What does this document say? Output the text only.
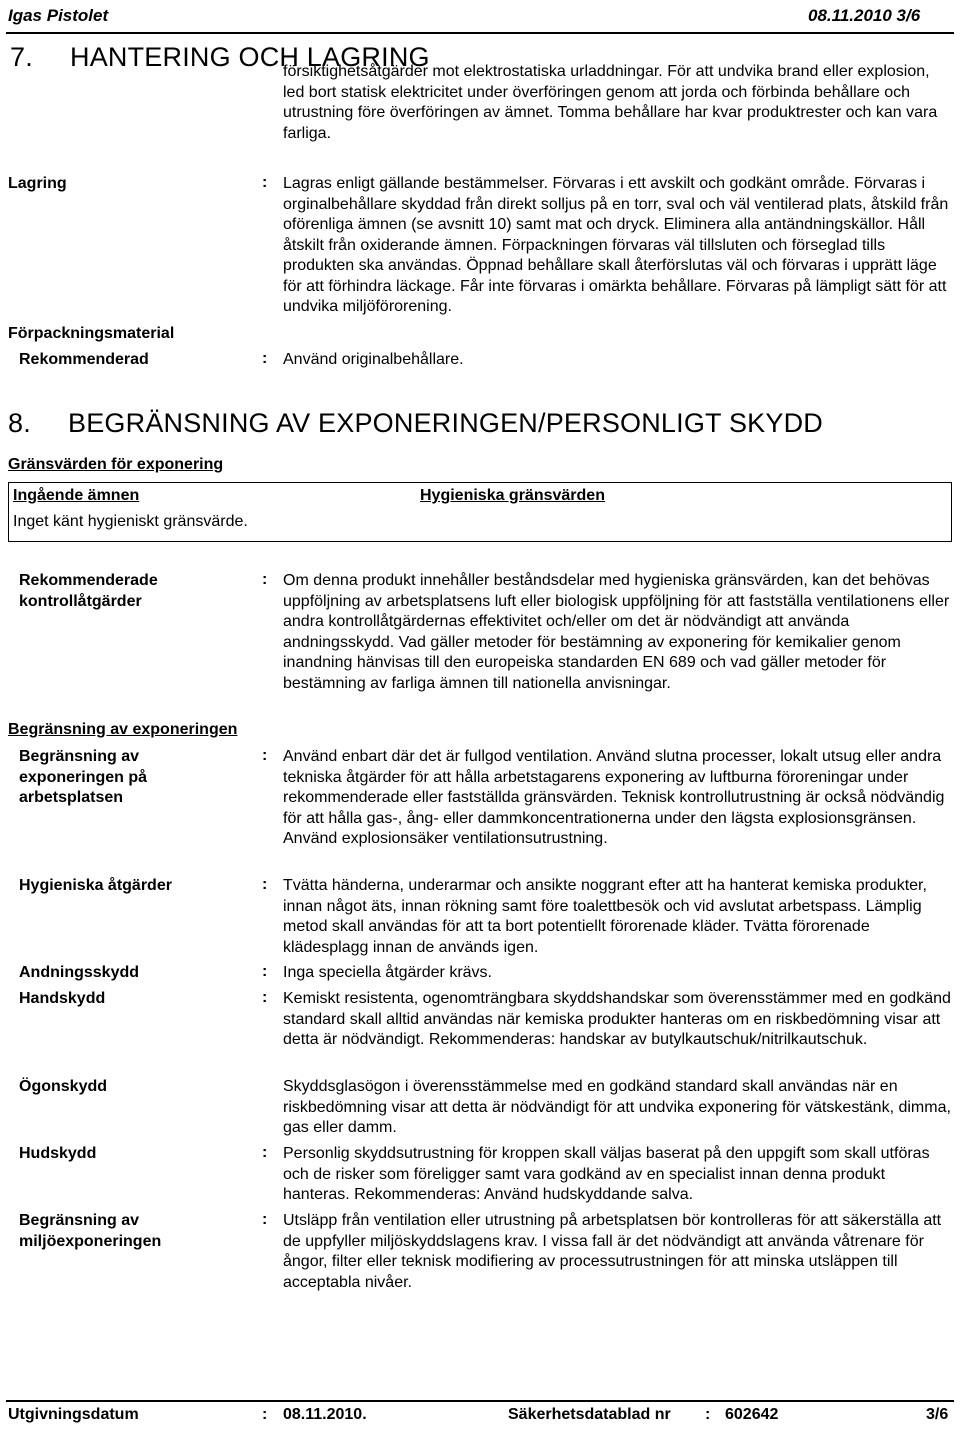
Igas Pistolet	08.11.2010 3/6
7. HANTERING OCH LAGRING

försiktighetsåtgärder mot elektrostatiska urladdningar. För att undvika brand eller explosion, led bort statisk elektricitet under överföringen genom att jorda och förbinda behållare och utrustning före överföringen av ämnet. Tomma behållare har kvar produktrester och kan vara farliga.

Lagring	: Lagras enligt gällande bestämmelser. Förvaras i ett avskilt och godkänt område. Förvaras i orginalbehållare skyddad från direkt solljus på en torr, sval och väl ventilerad plats, åtskild från oförenliga ämnen (se avsnitt 10) samt mat och dryck. Eliminera alla antändningskällor. Håll åtskilt från oxiderande ämnen. Förpackningen förvaras väl tillsluten och förseglad tills produkten ska användas. Öppnad behållare skall återförslutas väl och förvaras i upprätt läge för att förhindra läckage. Får inte förvaras i omärkta behållare. Förvaras på lämpligt sätt för att undvika miljöförorening.

Förpackningsmaterial
Rekommenderad	: Använd originalbehållare.

8. BEGRÄNSNING AV EXPONERINGEN/PERSONLIGT SKYDD
Gränsvärden för exponering
Ingående ämnen	Hygieniska gränsvärden
Inget känt hygieniskt gränsvärde.
Rekommenderade kontrollåtgärder
: Om denna produkt innehåller beståndsdelar med hygieniska gränsvärden, kan det behövas uppföljning av arbetsplatsens luft eller biologisk uppföljning för att fastställa ventilationens eller andra kontrollåtgärdernas effektivitet och/eller om det är nödvändigt att använda andningsskydd. Vad gäller metoder för bestämning av exponering för kemikalier genom inandning hänvisas till den europeiska standarden EN 689 och vad gäller metoder för bestämning av farliga ämnen till nationella anvisningar.

Begränsning av exponeringen
Begränsning av exponeringen på arbetsplatsen
: Använd enbart där det är fullgod ventilation. Använd slutna processer, lokalt utsug eller andra tekniska åtgärder för att hålla arbetstagarens exponering av luftburna föroreningar under rekommenderade eller fastställda gränsvärden. Teknisk kontrollutrustning är också nödvändig för att hålla gas-, ång- eller dammkoncentrationerna under den lägsta explosionsgränsen. Använd explosionsäker ventilationsutrustning.

Hygieniska åtgärder	: Tvätta händerna, underarmar och ansikte noggrant efter att ha hanterat kemiska produkter, innan något äts, innan rökning samt före toalettbesök och vid avslutat arbetspass. Lämplig metod skall användas för att ta bort potentiellt förorenade kläder. Tvätta förorenade klädesplagg innan de används igen.

Andningsskydd	: Inga speciella åtgärder krävs.

Handskydd	: Kemiskt resistenta, ogenomträngbara skyddshandskar som överensstämmer med en godkänd standard skall alltid användas när kemiska produkter hanteras om en riskbedömning visar att detta är nödvändigt. Rekommenderas: handskar av butylkautschuk/nitrilkautschuk.

Ögonskydd	Skyddsglasögon i överensstämmelse med en godkänd standard skall användas när en riskbedömning visar att detta är nödvändigt för att undvika exponering för vätskestänk, dimma, gas eller damm.

Hudskydd	: Personlig skyddsutrustning för kroppen skall väljas baserat på den uppgift som skall utföras och de risker som föreligger samt vara godkänd av en specialist innan denna produkt hanteras. Rekommenderas: Använd hudskyddande salva.

Begränsning av miljöexponeringen
: Utsläpp från ventilation eller utrustning på arbetsplatsen bör kontrolleras för att säkerställa att de uppfyller miljöskyddslagens krav. I vissa fall är det nödvändigt att använda våtrenare för ångor, filter eller teknisk modifiering av processutrustningen för att minska utsläppen till acceptabla nivåer.

Utgivningsdatum	: 08.11.2010.	Säkerhetsdatablad nr : 602642	3/6
